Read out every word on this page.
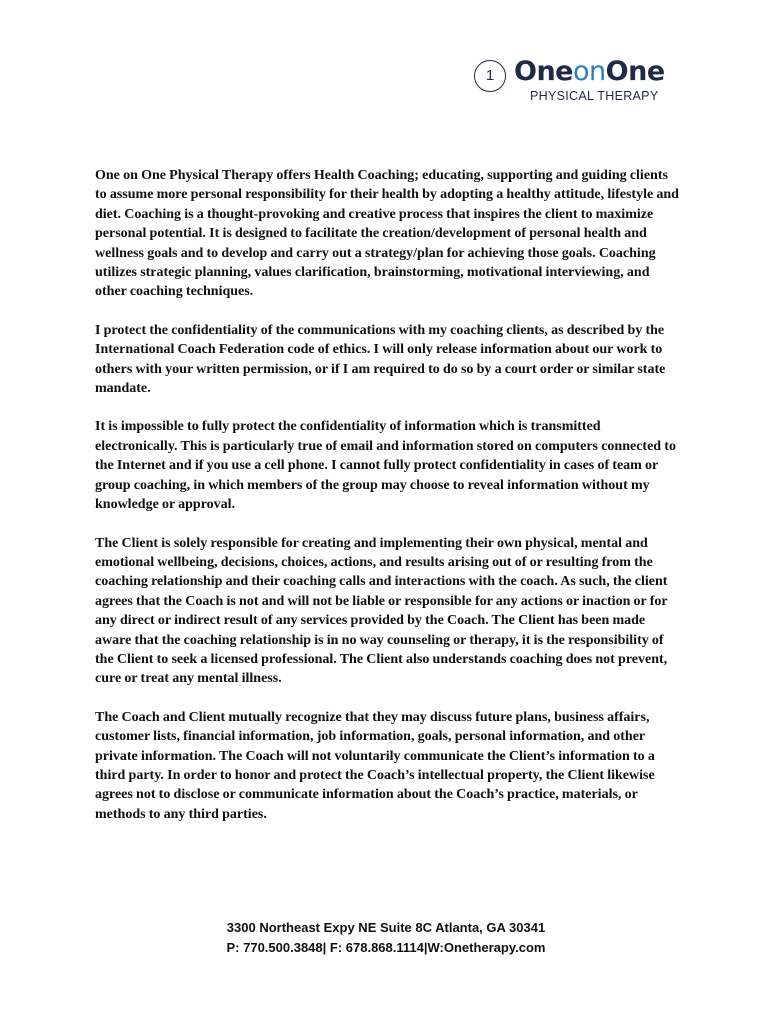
1 OneonOne
PHYSICAL THERAPY

One on One Physical Therapy offers Health Coaching; educating, supporting and guiding clients to assume more personal responsibility for their health by adopting a healthy attitude, lifestyle and diet. Coaching is a thought-provoking and creative process that inspires the client to maximize personal potential. It is designed to facilitate the creation/development of personal health and wellness goals and to develop and carry out a strategy/plan for achieving those goals. Coaching utilizes strategic planning, values clarification, brainstorming, motivational interviewing, and other coaching techniques.

I protect the confidentiality of the communications with my coaching clients, as described by the International Coach Federation code of ethics. I will only release information about our work to others with your written permission, or if I am required to do so by a court order or similar state mandate.

It is impossible to fully protect the confidentiality of information which is transmitted electronically. This is particularly true of email and information stored on computers connected to the Internet and if you use a cell phone. I cannot fully protect confidentiality in cases of team or group coaching, in which members of the group may choose to reveal information without my knowledge or approval.

The Client is solely responsible for creating and implementing their own physical, mental and emotional wellbeing, decisions, choices, actions, and results arising out of or resulting from the coaching relationship and their coaching calls and interactions with the coach. As such, the client agrees that the Coach is not and will not be liable or responsible for any actions or inaction or for any direct or indirect result of any services provided by the Coach. The Client has been made aware that the coaching relationship is in no way counseling or therapy, it is the responsibility of the Client to seek a licensed professional. The Client also understands coaching does not prevent, cure or treat any mental illness.

The Coach and Client mutually recognize that they may discuss future plans, business affairs, customer lists, financial information, job information, goals, personal information, and other private information. The Coach will not voluntarily communicate the Client’s information to a third party. In order to honor and protect the Coach’s intellectual property, the Client likewise agrees not to disclose or communicate information about the Coach’s practice, materials, or methods to any third parties.

3300 Northeast Expy NE Suite 8C Atlanta, GA 30341
P: 770.500.3848| F: 678.868.1114|W:Onetherapy.com
